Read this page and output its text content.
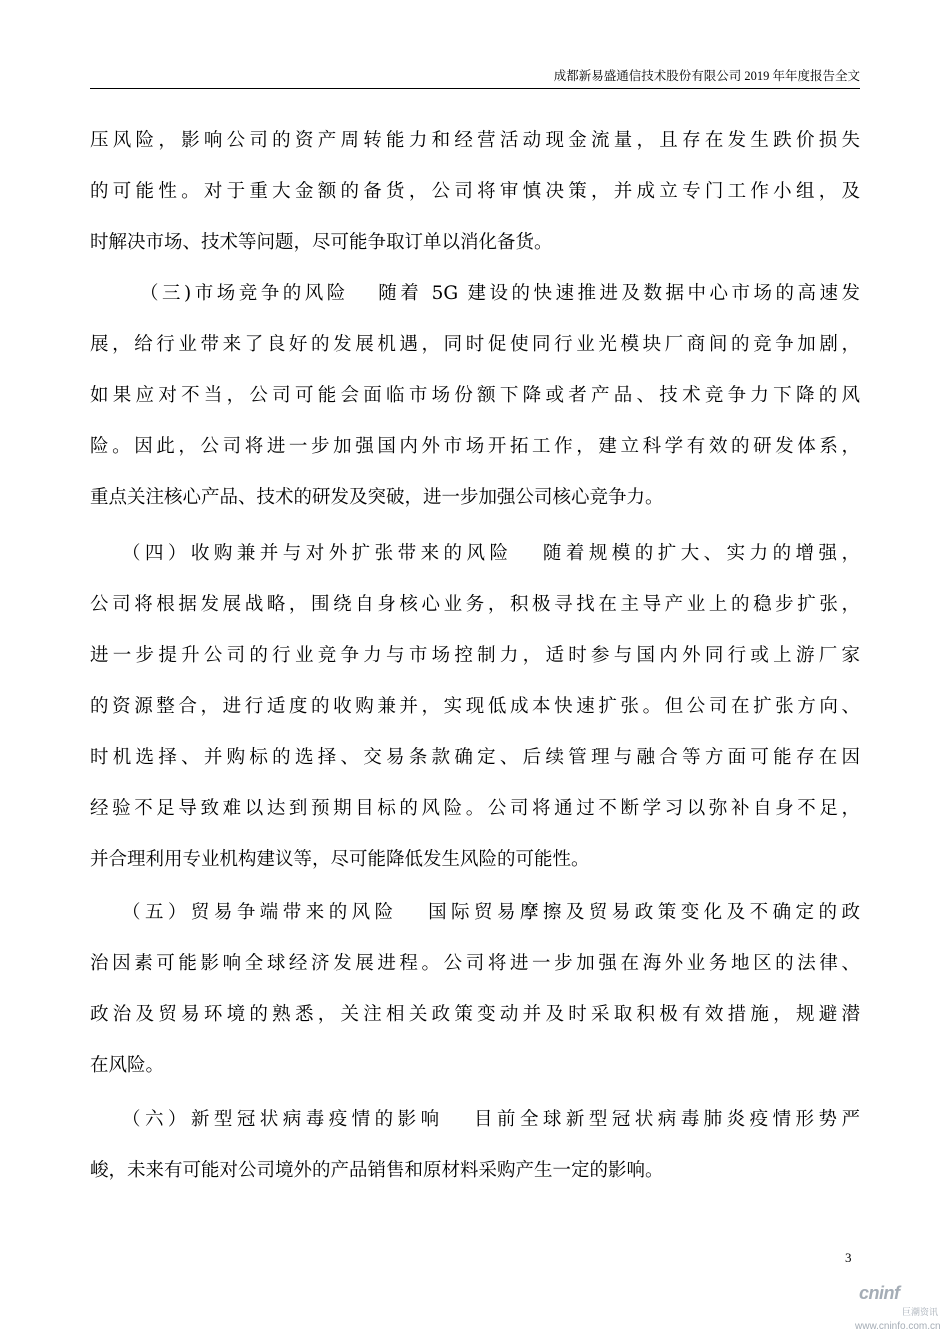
成都新易盛通信技术股份有限公司 2019 年年度报告全文
压风险，影响公司的资产周转能力和经营活动现金流量，且存在发生跌价损失
的可能性。对于重大金额的备货，公司将审慎决策，并成立专门工作小组，及
时解决市场、技术等问题，尽可能争取订单以消化备货。
（三)市场竞争的风险 随着 5G 建设的快速推进及数据中心市场的高速发
展，给行业带来了良好的发展机遇，同时促使同行业光模块厂商间的竞争加剧，
如果应对不当，公司可能会面临市场份额下降或者产品、技术竞争力下降的风
险。因此，公司将进一步加强国内外市场开拓工作，建立科学有效的研发体系，
重点关注核心产品、技术的研发及突破，进一步加强公司核心竞争力。
（四）收购兼并与对外扩张带来的风险 随着规模的扩大、实力的增强，
公司将根据发展战略，围绕自身核心业务，积极寻找在主导产业上的稳步扩张，
进一步提升公司的行业竞争力与市场控制力，适时参与国内外同行或上游厂家
的资源整合，进行适度的收购兼并，实现低成本快速扩张。但公司在扩张方向、
时机选择、并购标的选择、交易条款确定、后续管理与融合等方面可能存在因
经验不足导致难以达到预期目标的风险。公司将通过不断学习以弥补自身不足，
并合理利用专业机构建议等，尽可能降低发生风险的可能性。
（五）贸易争端带来的风险 国际贸易摩擦及贸易政策变化及不确定的政
治因素可能影响全球经济发展进程。公司将进一步加强在海外业务地区的法律、
政治及贸易环境的熟悉，关注相关政策变动并及时采取积极有效措施，规避潜
在风险。
（六）新型冠状病毒疫情的影响 目前全球新型冠状病毒肺炎疫情形势严
峻，未来有可能对公司境外的产品销售和原材料采购产生一定的影响。
3
cninf
巨潮资讯
www.cninfo.com.cn
